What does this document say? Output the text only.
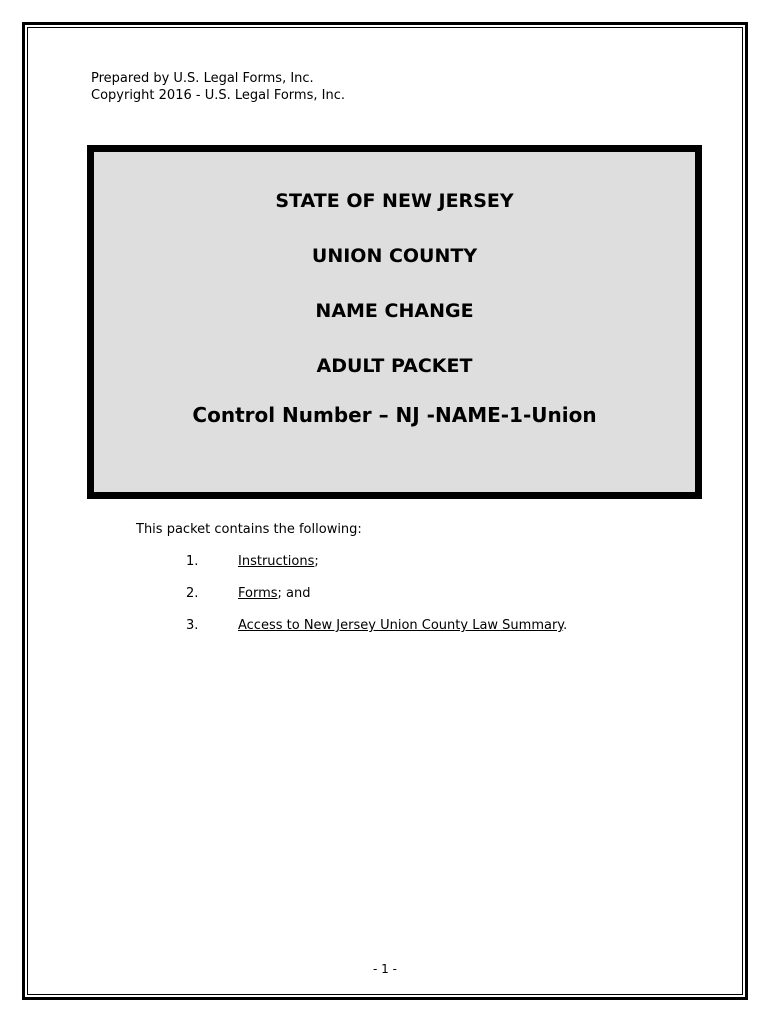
Prepared by U.S. Legal Forms, Inc.
Copyright 2016 - U.S. Legal Forms, Inc.

STATE OF NEW JERSEY

UNION COUNTY

NAME CHANGE

ADULT PACKET

Control Number – NJ -NAME-1-Union

This packet contains the following:
1.	Instructions;
2.	Forms; and
3.	Access to New Jersey Union County Law Summary.
- 1 -
